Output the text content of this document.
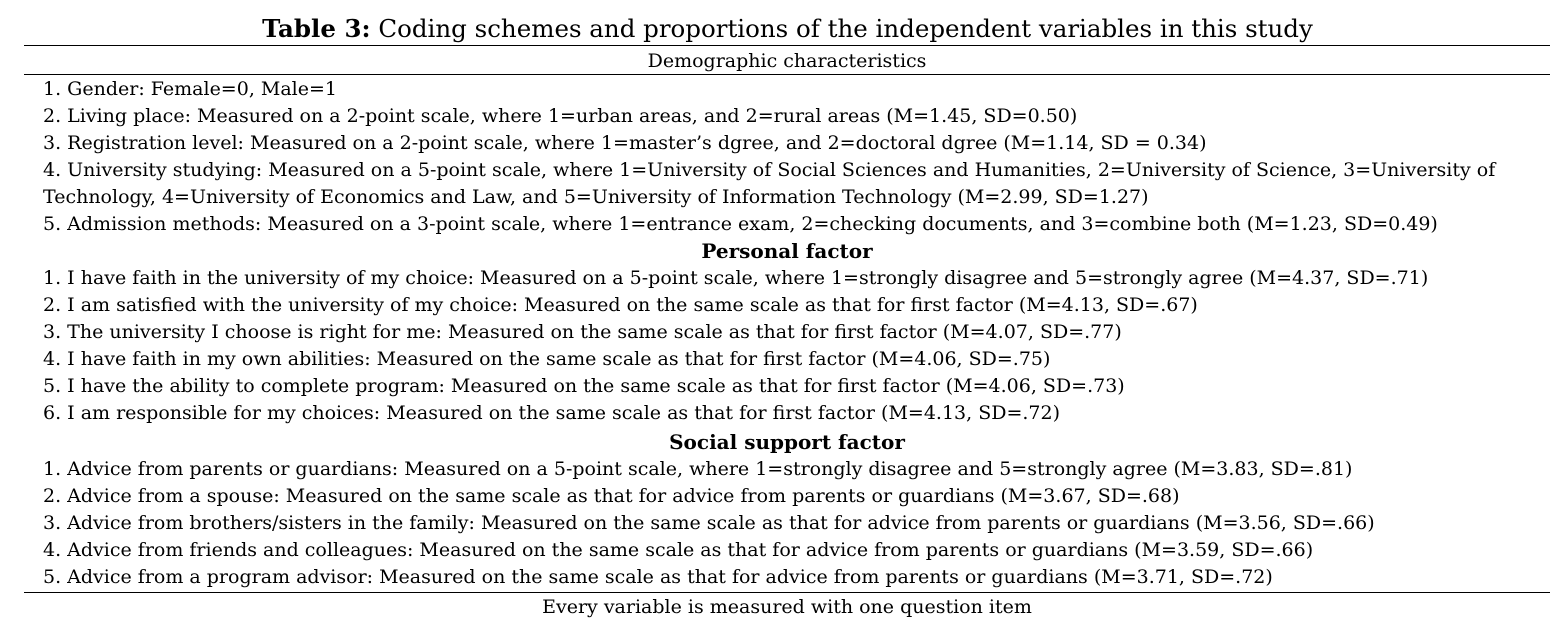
Table 3: Coding schemes and proportions of the independent variables in this study
Demographic characteristics
1. Gender: Female=0, Male=1
2. Living place: Measured on a 2-point scale, where 1=urban areas, and 2=rural areas (M=1.45, SD=0.50)
3. Registration level: Measured on a 2-point scale, where 1=master’s dgree, and 2=doctoral dgree (M=1.14, SD = 0.34)
4. University studying: Measured on a 5-point scale, where 1=University of Social Sciences and Humanities, 2=University of Science, 3=University of
Technology, 4=University of Economics and Law, and 5=University of Information Technology (M=2.99, SD=1.27)
5. Admission methods: Measured on a 3-point scale, where 1=entrance exam, 2=checking documents, and 3=combine both (M=1.23, SD=0.49)
Personal factor
1. I have faith in the university of my choice: Measured on a 5-point scale, where 1=strongly disagree and 5=strongly agree (M=4.37, SD=.71)
2. I am satisfied with the university of my choice: Measured on the same scale as that for first factor (M=4.13, SD=.67)
3. The university I choose is right for me: Measured on the same scale as that for first factor (M=4.07, SD=.77)
4. I have faith in my own abilities: Measured on the same scale as that for first factor (M=4.06, SD=.75)
5. I have the ability to complete program: Measured on the same scale as that for first factor (M=4.06, SD=.73)
6. I am responsible for my choices: Measured on the same scale as that for first factor (M=4.13, SD=.72)
Social support factor
1. Advice from parents or guardians: Measured on a 5-point scale, where 1=strongly disagree and 5=strongly agree (M=3.83, SD=.81)
2. Advice from a spouse: Measured on the same scale as that for advice from parents or guardians (M=3.67, SD=.68)
3. Advice from brothers/sisters in the family: Measured on the same scale as that for advice from parents or guardians (M=3.56, SD=.66)
4. Advice from friends and colleagues: Measured on the same scale as that for advice from parents or guardians (M=3.59, SD=.66)
5. Advice from a program advisor: Measured on the same scale as that for advice from parents or guardians (M=3.71, SD=.72)
Every variable is measured with one question item
